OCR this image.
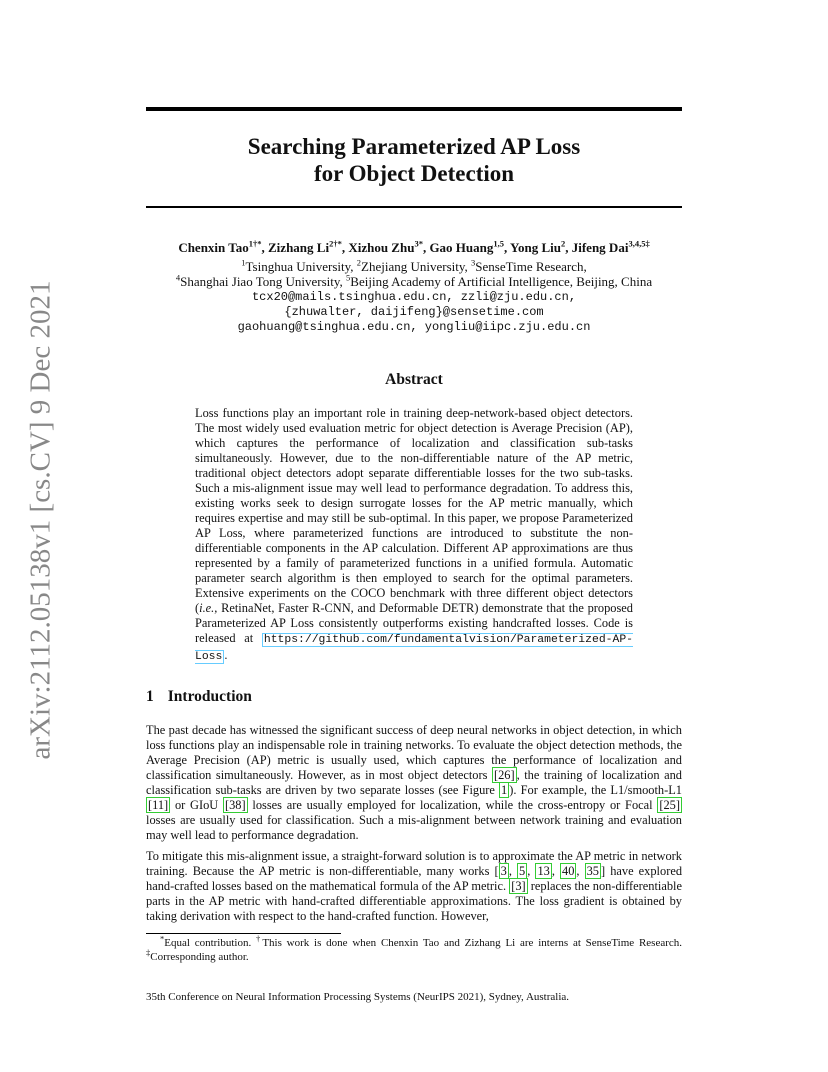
arXiv:2112.05138v1 [cs.CV] 9 Dec 2021
Searching Parameterized AP Loss
for Object Detection
Chenxin Tao$^{1\dagger*}$, Zizhang $Li^{2\dagger*}$, Xizhou Zhu$^{3*}$, Gao Huang$^{1,5}$, Yong Liu$^2$, Jifeng Dai$^{3,4,5\ddagger}$
$^1$Tsinghua University, $^2$Zhejiang University, $^3$SenseTime Research,
$^4$Shanghai Jiao Tong University, $^5$Beijing Academy of Artificial Intelligence, Beijing, China
tcx20@mails.tsinghua.edu.cn, zzli@zju.edu.cn,
{zhuwalter, daijifeng}@sensetime.com
gaohuang@tsinghua.edu.cn, yongliu@iipc.zju.edu.cn
Abstract

Loss functions play an important role in training deep-network-based object detectors. The most widely used evaluation metric for object detection is Average Precision (AP), which captures the performance of localization and classification sub-tasks simultaneously. However, due to the non-differentiable nature of the AP metric, traditional object detectors adopt separate differentiable losses for the two sub-tasks. Such a mis-alignment issue may well lead to performance degradation. To address this, existing works seek to design surrogate losses for the AP metric manually, which requires expertise and may still be sub-optimal. In this paper, we propose Parameterized AP Loss, where parameterized functions are introduced to substitute the non-differentiable components in the AP calculation. Different AP approximations are thus represented by a family of parameterized functions in a unified formula. Automatic parameter search algorithm is then employed to search for the optimal parameters. Extensive experiments on the COCO benchmark with three different object detectors (i.e., RetinaNet, Faster R-CNN, and Deformable DETR) demonstrate that the proposed Parameterized AP Loss consistently outperforms existing handcrafted losses. Code is released at https://github.com/fundamentalvision/Parameterized-AP-Loss .

1 Introduction

The past decade has witnessed the significant success of deep neural networks in object detection, in which loss functions play an indispensable role in training networks. To evaluate the object detection methods, the Average Precision (AP) metric is usually used, which captures the performance of localization and classification simultaneously. However, as in most object detectors [26] , the training of localization and classification sub-tasks are driven by two separate losses (see Figure 1 ). For example, the L1/smooth-L1 [11] or GIoU [38] losses are usually employed for localization, while the cross-entropy or Focal [25] losses are usually used for classification. Such a mis-alignment between network training and evaluation may well lead to performance degradation.

To mitigate this mis-alignment issue, a straight-forward solution is to approximate the AP metric in network training. Because the AP metric is non-differentiable, many works [ 3 , 5 , 13 , 40 , 35 ] have explored hand-crafted losses based on the mathematical formula of the AP metric. [3] replaces the non-differentiable parts in the AP metric with hand-crafted differentiable approximations. The loss gradient is obtained by taking derivation with respect to the hand-crafted function. However,

*Equal contribution. †This work is done when Chenxin Tao and Zizhang Li are interns at SenseTime Research. ‡Corresponding author.

35th Conference on Neural Information Processing Systems (NeurIPS 2021), Sydney, Australia.
